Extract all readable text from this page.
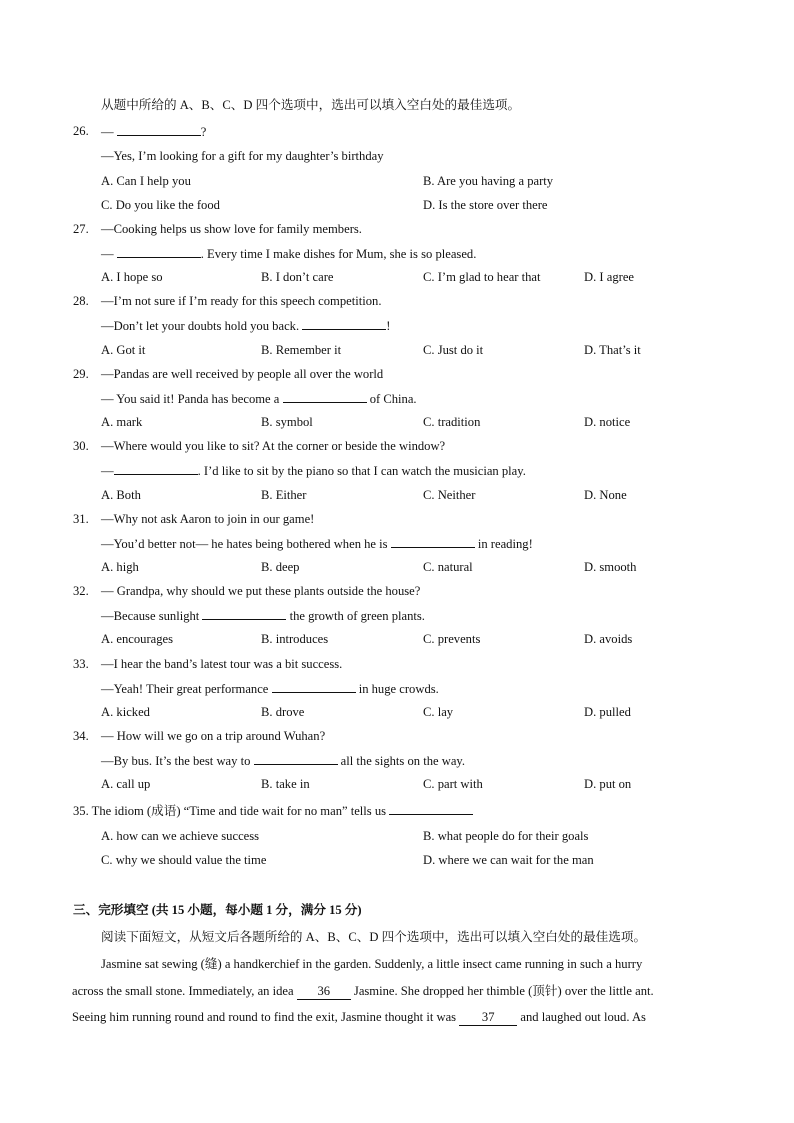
从题中所给的 A、B、C、D 四个选项中，选出可以填入空白处的最佳选项。
26. —	?
—Yes, I’m looking for a gift for my daughter’s birthday
A. Can I help you	B. Are you having a party
C. Do you like the food	D. Is the store over there
27. —Cooking helps us show love for family members.
—	. Every time I make dishes for Mum, she is so pleased.
A. I hope so	B. I don’t care	C. I’m glad to hear that	D. I agree
28. —I’m not sure if I’m ready for this speech competition.
—Don’t let your doubts hold you back.	!
A. Got it	B. Remember it	C. Just do it	D. That’s it
29. —Pandas are well received by people all over the world
— You said it! Panda has become a	of China.
A. mark	B. symbol	C. tradition	D. notice
30. —Where would you like to sit? At the corner or beside the window?
—	. I’d like to sit by the piano so that I can watch the musician play.
A. Both	B. Either	C. Neither	D. None
31. —Why not ask Aaron to join in our game!
—You’d better not— he hates being bothered when he is	in reading!
A. high	B. deep	C. natural	D. smooth
32. — Grandpa, why should we put these plants outside the house?
—Because sunlight	the growth of green plants.
A. encourages	B. introduces	C. prevents	D. avoids
33. —I hear the band’s latest tour was a bit success.
—Yeah! Their great performance	in huge crowds.
A. kicked	B. drove	C. lay	D. pulled
34. — How will we go on a trip around Wuhan?
—By bus. It’s the best way to	all the sights on the way.
A. call up	B. take in	C. part with	D. put on
35. The idiom (成语) “Time and tide wait for no man” tells us
A. how can we achieve success	B. what people do for their goals
C. why we should value the time	D. where we can wait for the man
三、完形填空 (共 15 小题，每小题 1 分，满分 15 分)
阅读下面短文，从短文后各题所给的 A、B、C、D 四个选项中，选出可以填入空白处的最佳选项。
Jasmine sat sewing (缝) a handkerchief in the garden. Suddenly, a little insect came running in such a hurry
across the small stone. Immediately, an idea 36 Jasmine. She dropped her thimble (顶针) over the little ant.
Seeing him running round and round to find the exit, Jasmine thought it was 37 and laughed out loud. As
